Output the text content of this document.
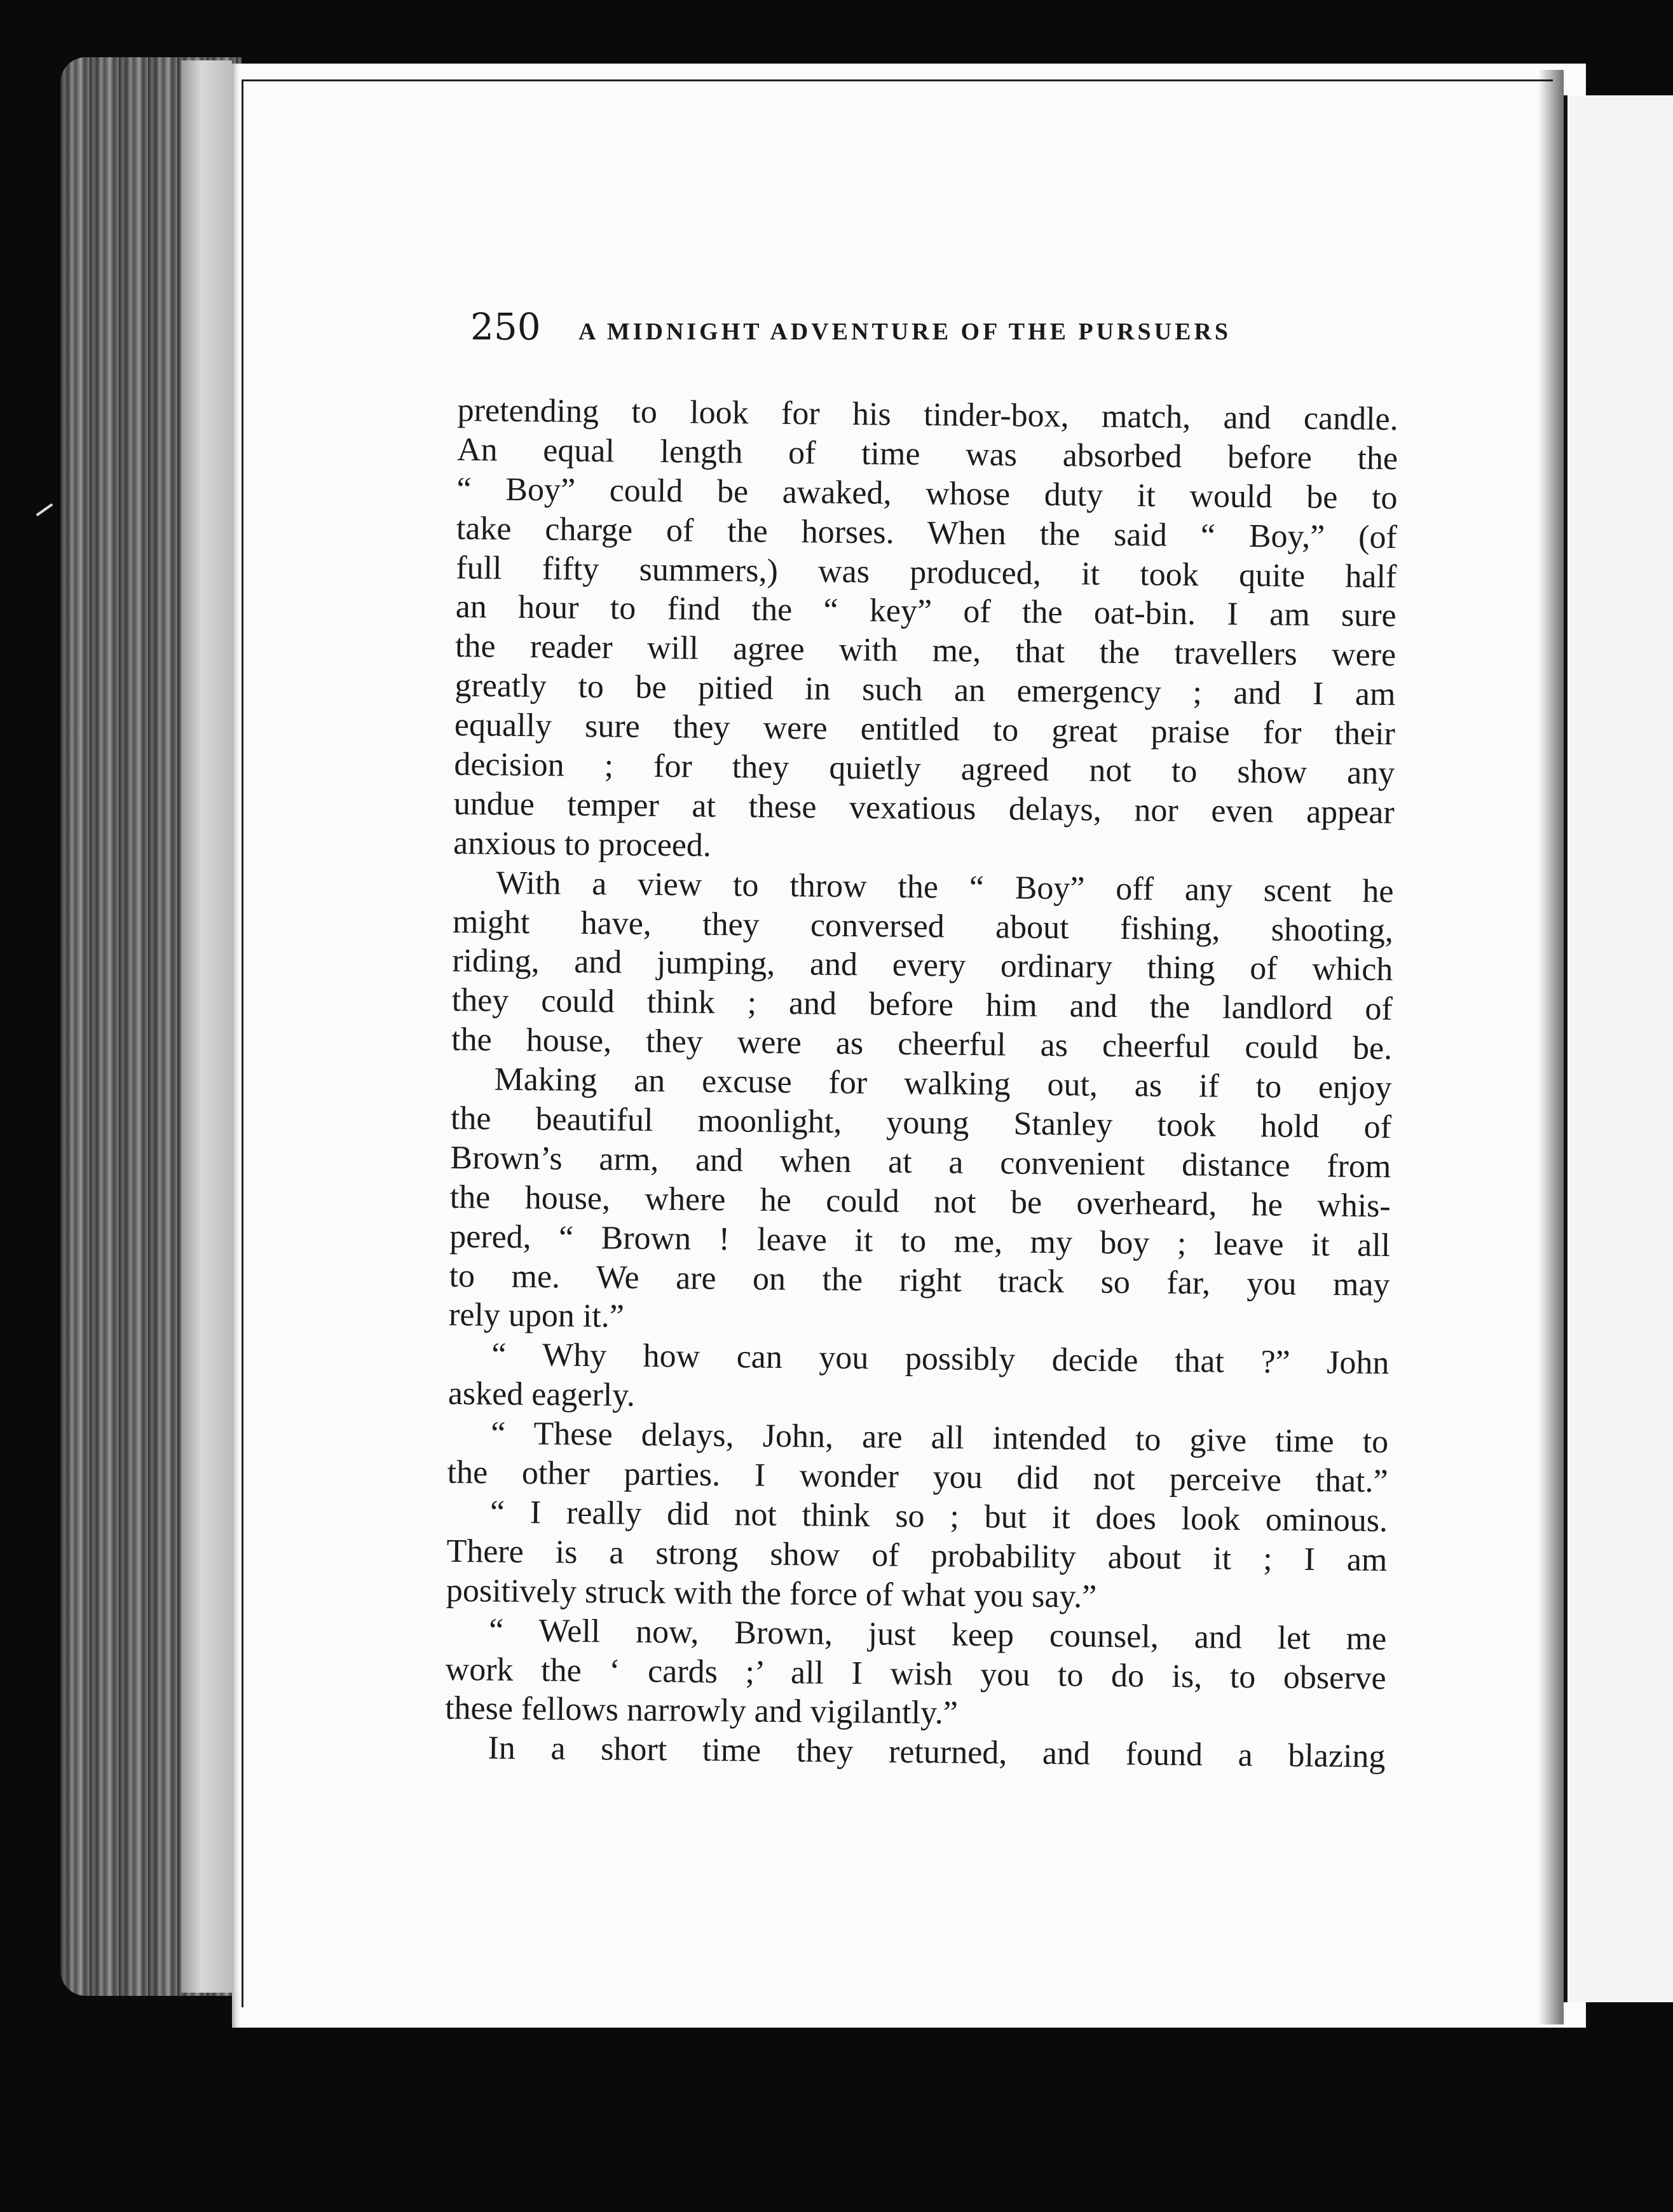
250	A MIDNIGHT ADVENTURE OF THE PURSUERS
pretending to look for his tinder-box, match, and candle.
An equal length of time was absorbed before the
“ Boy” could be awaked, whose duty it would be to
take charge of the horses. When the said “ Boy,” (of
full fifty summers,) was produced, it took quite half
an hour to find the “ key” of the oat-bin. I am sure
the reader will agree with me, that the travellers were
greatly to be pitied in such an emergency ; and I am
equally sure they were entitled to great praise for their
decision ; for they quietly agreed not to show any
undue temper at these vexatious delays, nor even appear
anxious to proceed.
With a view to throw the “ Boy” off any scent he
might have, they conversed about fishing, shooting,
riding, and jumping, and every ordinary thing of which
they could think ; and before him and the landlord of
the house, they were as cheerful as cheerful could be.
Making an excuse for walking out, as if to enjoy
the beautiful moonlight, young Stanley took hold of
Brown’s arm, and when at a convenient distance from
the house, where he could not be overheard, he whis-
pered, “ Brown ! leave it to me, my boy ; leave it all
to me. We are on the right track so far, you may
rely upon it.”
“ Why how can you possibly decide that ?” John
asked eagerly.
“ These delays, John, are all intended to give time to
the other parties. I wonder you did not perceive that.”
“ I really did not think so ; but it does look ominous.
There is a strong show of probability about it ; I am
positively struck with the force of what you say.”
“ Well now, Brown, just keep counsel, and let me
work the ‘ cards ;’ all I wish you to do is, to observe
these fellows narrowly and vigilantly.”
In a short time they returned, and found a blazing
